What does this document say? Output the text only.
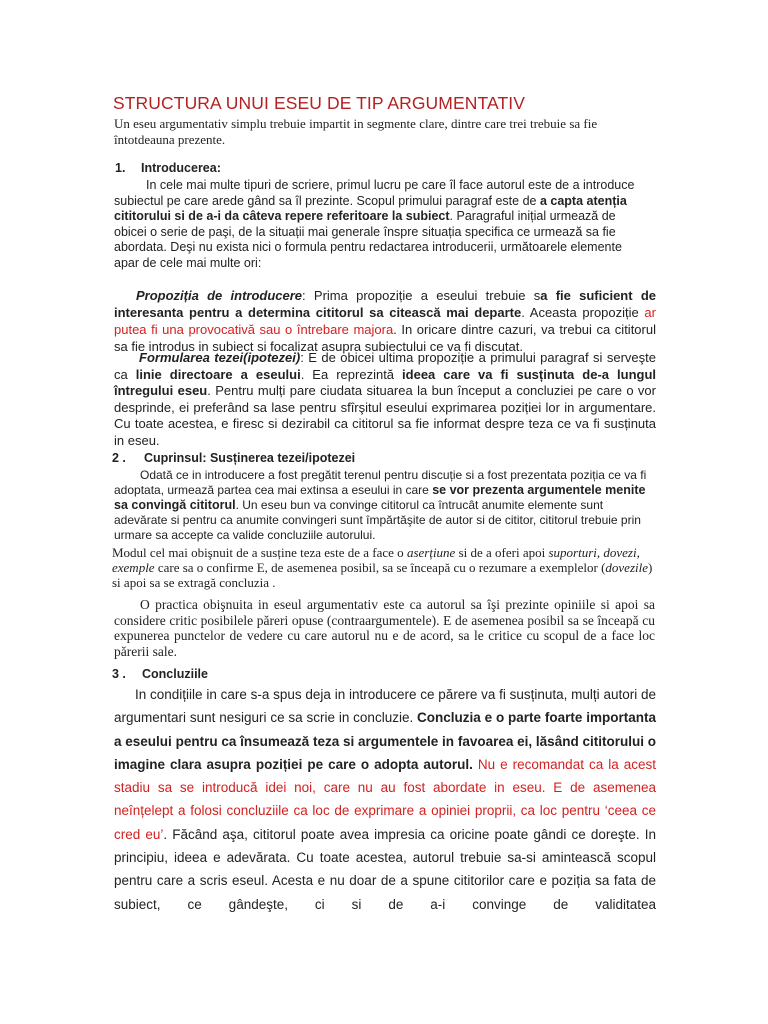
STRUCTURA UNUI ESEU DE TIP ARGUMENTATIV

Un eseu argumentativ simplu trebuie impartit in segmente clare, dintre care trei trebuie sa fie întotdeauna prezente.

1. Introducerea:

In cele mai multe tipuri de scriere, primul lucru pe care îl face autorul este de a introduce subiectul pe care arede gând sa îl prezinte. Scopul primului paragraf este de a capta atenția cititorului si de a-i da câteva repere referitoare la subiect. Paragraful inițial urmează de obicei o serie de paşi, de la situații mai generale înspre situația specifica ce urmează sa fie abordata. Deşi nu exista nici o formula pentru redactarea introducerii, următoarele elemente apar de cele mai multe ori:

Propoziția de introducere: Prima propoziție a eseului trebuie sa fie suficient de interesanta pentru a determina cititorul sa citească mai departe. Aceasta propoziție ar putea fi una provocativă sau o întrebare majora. In oricare dintre cazuri, va trebui ca cititorul sa fie introdus in subiect si focalizat asupra subiectului ce va fi discutat.

Formularea tezei(ipotezei): E de obicei ultima propoziție a primului paragraf si serveşte ca linie directoare a eseului. Ea reprezintă ideea care va fi susținuta de-a lungul întregului eseu. Pentru mulți pare ciudata situarea la bun început a concluziei pe care o vor desprinde, ei preferând sa lase pentru sfîrşitul eseului exprimarea poziției lor in argumentare. Cu toate acestea, e firesc si dezirabil ca cititorul sa fie informat despre teza ce va fi susținuta in eseu.

2 . Cuprinsul: Susținerea tezei/ipotezei

Odată ce in introducere a fost pregătit terenul pentru discuție si a fost prezentata poziția ce va fi adoptata, urmează partea cea mai extinsa a eseului in care se vor prezenta argumentele menite sa convingă cititorul. Un eseu bun va convinge cititorul ca întrucât anumite elemente sunt adevărate si pentru ca anumite convingeri sunt împărtăşite de autor si de cititor, cititorul trebuie prin urmare sa accepte ca valide concluziile autorului.

Modul cel mai obişnuit de a susține teza este de a face o aserțiune si de a oferi apoi suporturi, dovezi, exemple care sa o confirme E, de asemenea posibil, sa se înceapă cu o rezumare a exemplelor (dovezile) si apoi sa se extragă concluzia .

O practica obişnuita in eseul argumentativ este ca autorul sa îşi prezinte opiniile si apoi sa considere critic posibilele păreri opuse (contraargumentele). E de asemenea posibil sa se înceapă cu expunerea punctelor de vedere cu care autorul nu e de acord, sa le critice cu scopul de a face loc părerii sale.

3 . Concluziile

In condițiile in care s-a spus deja in introducere ce părere va fi susținuta, mulți autori de argumentari sunt nesiguri ce sa scrie in concluzie. Concluzia e o parte foarte importanta a eseului pentru ca însumează teza si argumentele in favoarea ei, lăsând cititorului o imagine clara asupra poziției pe care o adopta autorul. Nu e recomandat ca la acest stadiu sa se introducă idei noi, care nu au fost abordate in eseu. E de asemenea neînțelept a folosi concluziile ca loc de exprimare a opiniei proprii, ca loc pentru ‘ceea ce cred eu’. Făcând aşa, cititorul poate avea impresia ca oricine poate gândi ce doreşte. In principiu, ideea e adevărata. Cu toate acestea, autorul trebuie sa-si amintească scopul pentru care a scris eseul. Acesta e nu doar de a spune cititorilor care e poziția sa fata de subiect, ce gândeşte, ci si de a-i convinge de validitatea
